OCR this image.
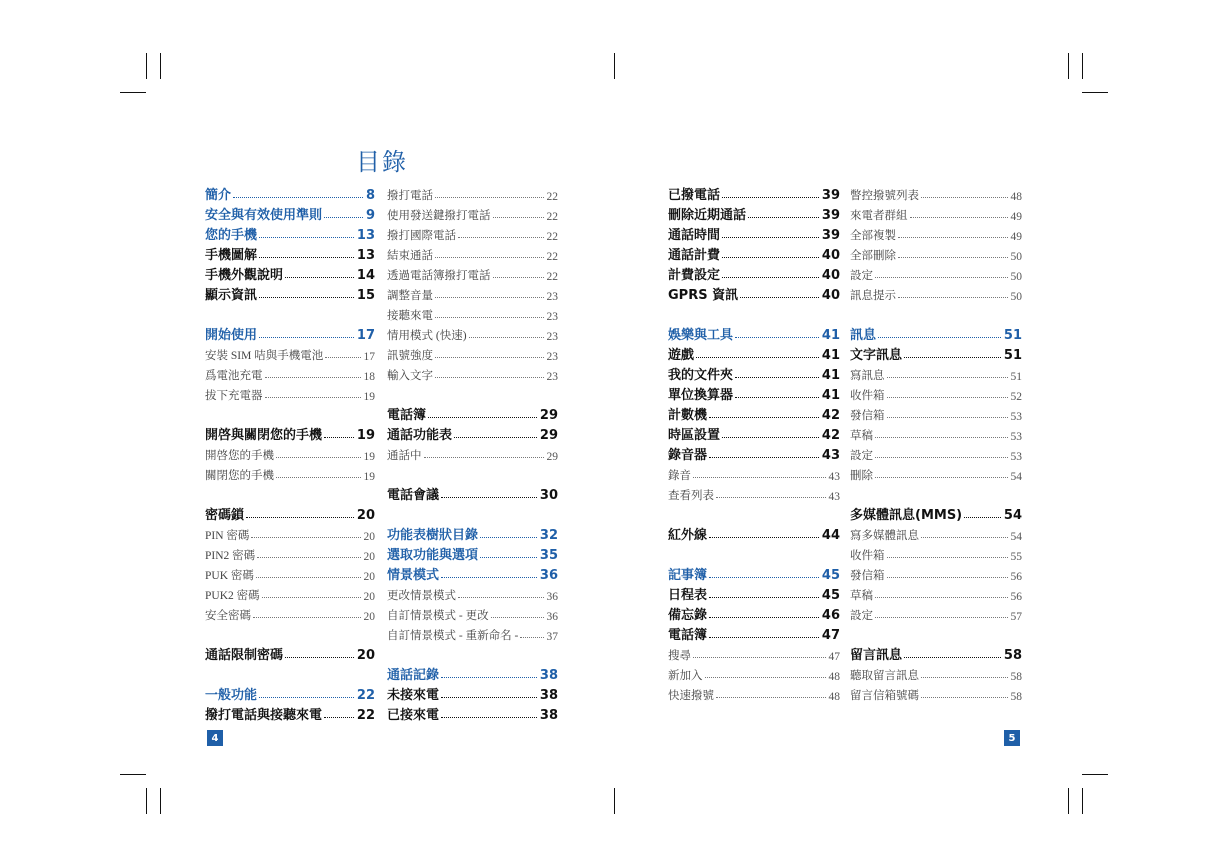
目錄
簡介	8
安全與有效使用準則	9
您的手機	13
手機圖解	13
手機外觀說明	14
顯示資訊	15
開始使用	17
安裝 SIM 咭與手機電池	17
爲電池充電	18
拔下充電器	19
開啓與關閉您的手機	19
開啓您的手機	19
關閉您的手機	19
密碼鎖	20
PIN 密碼	20
PIN2 密碼	20
PUK 密碼	20
PUK2 密碼	20
安全密碼	20
通話限制密碼	20
一般功能	22
撥打電話與接聽來電	22
撥打電話	22
使用發送鍵撥打電話	22
撥打國際電話	22
結束通話	22
透過電話簿撥打電話	22
調整音量	23
接聽來電	23
情用模式 (快速)	23
訊號強度	23
輸入文字	23
電話簿	29
通話功能表	29
通話中	29
電話會議	30
功能表樹狀目錄	32
選取功能與選項	35
情景模式	36
更改情景模式	36
自訂情景模式 - 更改	36
自訂情景模式 - 重新命名 - 37
通話記錄	38
未接來電	38
已接來電	38
已撥電話	39
刪除近期通話	39
通話時間	39
通話計費	40
計費設定	40
GPRS 資訊	40
娛樂與工具	41
遊戲	41
我的文件夾	41
單位換算器	41
計數機	42
時區設置	42
錄音器	43
錄音	43
查看列表	43
紅外線	44
記事簿	45
日程表	45
備忘錄	46
電話簿	47
搜尋	47
新加入	48
快速撥號	48
瞥控撥號列表	48
來電者群組	49
全部複製	49
全部刪除	50
設定	50
訊息提示	50
訊息	51
文字訊息	51
寫訊息	51
收件箱	52
發信箱	53
草稿	53
設定	53
刪除	54
多媒體訊息(MMS)	54
寫多媒體訊息	54
收件箱	55
發信箱	56
草稿	56
設定	57
留言訊息	58
聽取留言訊息	58
留言信箱號碼	58
4	5
